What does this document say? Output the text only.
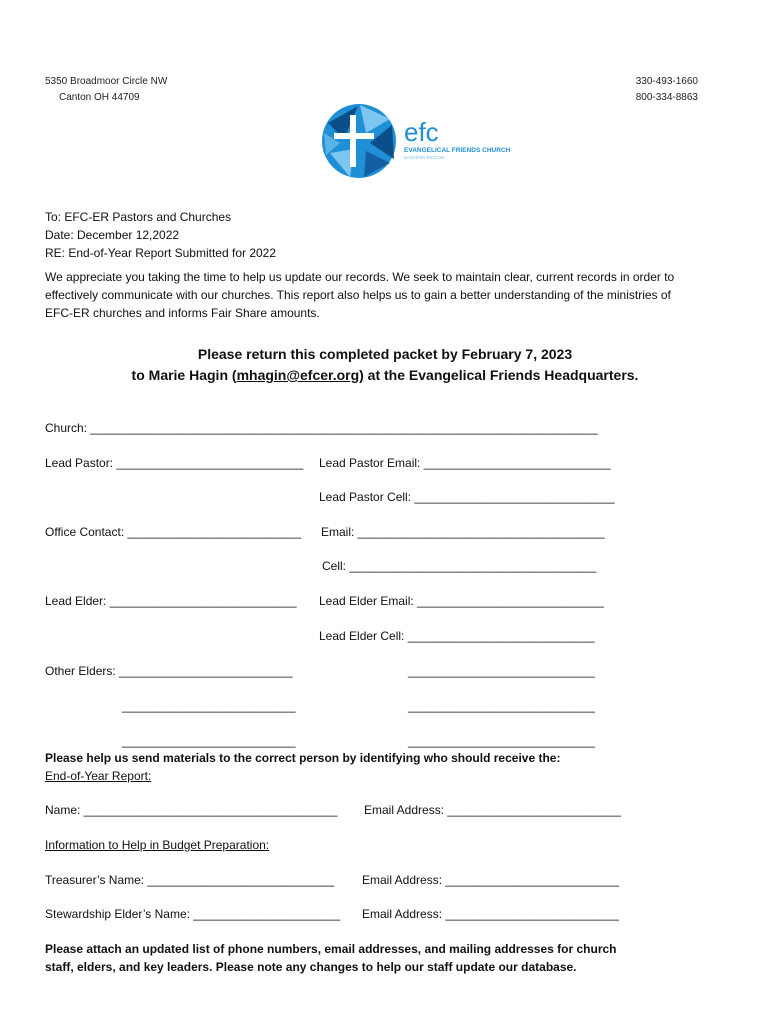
5350 Broadmoor Circle NW
Canton OH 44709
330-493-1660
800-334-8863
efc
EVANGELICAL FRIENDS CHURCH
EASTERN REGION
To: EFC-ER Pastors and Churches
Date: December 12,2022
RE: End-of-Year Report Submitted for 2022
We appreciate you taking the time to help us update our records. We seek to maintain clear, current records in order to
effectively communicate with our churches. This report also helps us to gain a better understanding of the ministries of
EFC-ER churches and informs Fair Share amounts.
Please return this completed packet by February 7, 2023
to Marie Hagin (mhagin@efcer.org) at the Evangelical Friends Headquarters.
Church: ____________________________________________________________________________
Lead Pastor: ____________________________ Lead Pastor Email: ____________________________
Lead Pastor Cell: ______________________________
Office Contact: __________________________ Email: _____________________________________
Cell: _____________________________________
Lead Elder: ____________________________ Lead Elder Email: ____________________________
Lead Elder Cell: ____________________________
Other Elders: __________________________	____________________________
__________________________	____________________________
__________________________	____________________________
Please help us send materials to the correct person by identifying who should receive the:
End-of-Year Report:
Name: ______________________________________ Email Address: __________________________
Information to Help in Budget Preparation:
Treasurer’s Name: ____________________________ Email Address: __________________________
Stewardship Elder’s Name: ______________________ Email Address: __________________________
Please attach an updated list of phone numbers, email addresses, and mailing addresses for church
staff, elders, and key leaders. Please note any changes to help our staff update our database.
